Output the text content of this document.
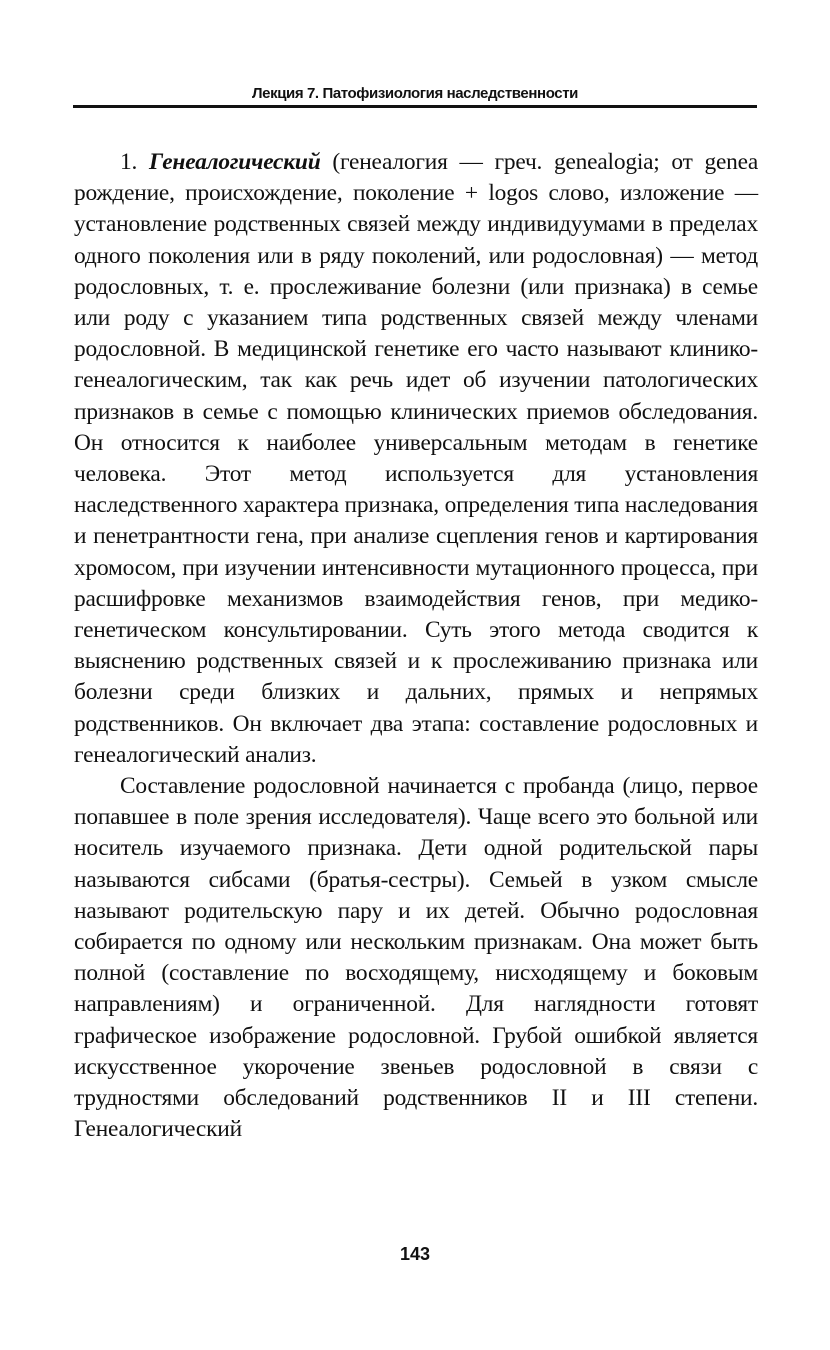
Лекция 7. Патофизиология наследственности

1. Генеалогический (генеалогия — греч. genealogia; от genea рождение, происхождение, поколение + logos слово, изложение — установление родственных связей между индивидуумами в пределах одного поколения или в ряду поколений, или родословная) — метод родословных, т. е. прослеживание болезни (или признака) в семье или роду с указанием типа родственных связей между членами родословной. В медицинской генетике его часто называют клинико-генеалогическим, так как речь идет об изучении патологических признаков в семье с помощью клинических приемов обследования. Он относится к наиболее универсальным методам в генетике человека. Этот метод используется для установления наследственного характера признака, определения типа наследования и пенетрантности гена, при анализе сцепления генов и картирования хромосом, при изучении интенсивности мутационного процесса, при расшифровке механизмов взаимодействия генов, при медико-генетическом консультировании. Суть этого метода сводится к выяснению родственных связей и к прослеживанию признака или болезни среди близких и дальних, прямых и непрямых родственников. Он включает два этапа: составление родословных и генеалогический анализ.

Составление родословной начинается с пробанда (лицо, первое попавшее в поле зрения исследователя). Чаще всего это больной или носитель изучаемого признака. Дети одной родительской пары называются сибсами (братья-сестры). Семьей в узком смысле называют родительскую пару и их детей. Обычно родословная собирается по одному или нескольким признакам. Она может быть полной (составление по восходящему, нисходящему и боковым направлениям) и ограниченной. Для наглядности готовят графическое изображение родословной. Грубой ошибкой является искусственное укорочение звеньев родословной в связи с трудностями обследований родственников II и III степени. Генеалогический

143
